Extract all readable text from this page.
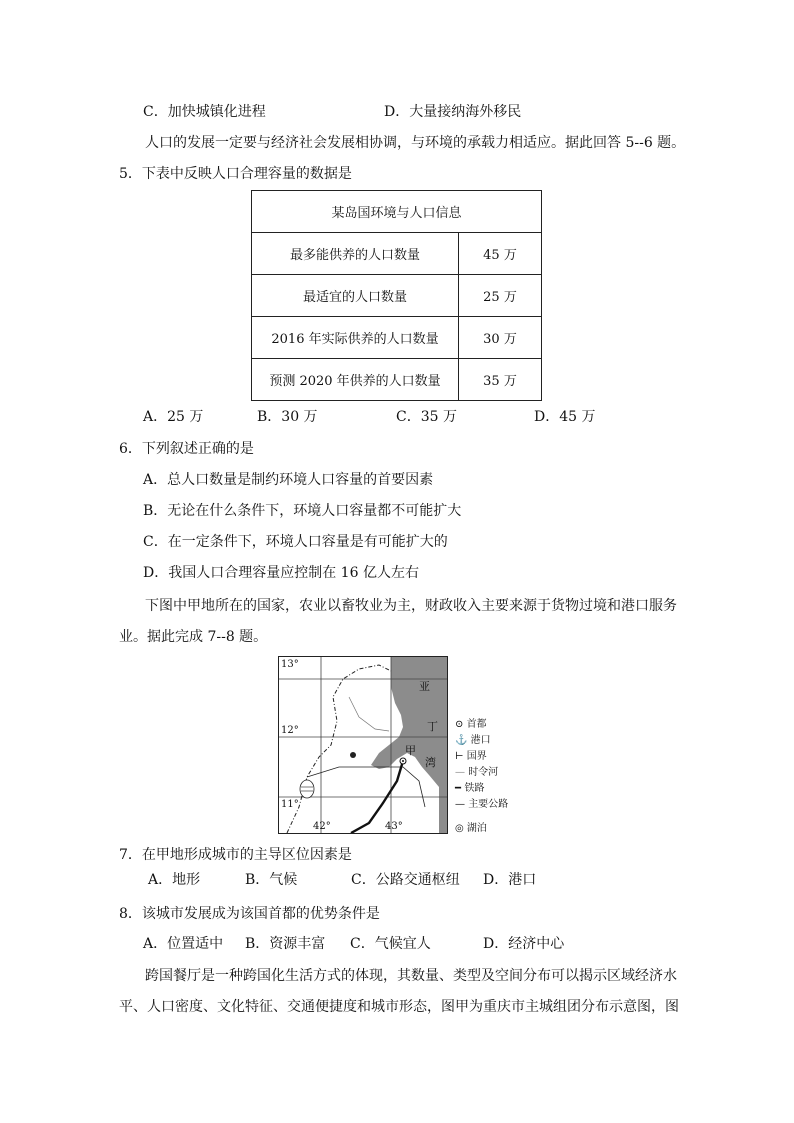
C．加快城镇化进程	D．大量接纳海外移民
人口的发展一定要与经济社会发展相协调，与环境的承载力相适应。据此回答 5--6 题。
5．下表中反映人口合理容量的数据是
某岛国环境与人口信息	
最多能供养的人口数量	45 万
最适宜的人口数量	25 万
2016 年实际供养的人口数量	30 万
预测 2020 年供养的人口数量	35 万
A．25 万	B．30 万	C．35 万	D．45 万
6．下列叙述正确的是
A．总人口数量是制约环境人口容量的首要因素
B．无论在什么条件下，环境人口容量都不可能扩大
C．在一定条件下，环境人口容量是有可能扩大的
D．我国人口合理容量应控制在 16 亿人左右
下图中甲地所在的国家，农业以畜牧业为主，财政收入主要来源于货物过境和港口服务
业。据此完成 7--8 题。
13°
12°
11°
42°	43°
亚
丁
湾
甲
⊙ 首都
⚓ 港口
⊢ 国界
— 时令河
━ 铁路
— 主要公路
◎ 湖泊
7．在甲地形成城市的主导区位因素是
A．地形	B．气候	C．公路交通枢纽 D．港口
8．该城市发展成为该国首都的优势条件是
A．位置适中 B．资源丰富 C．气候宜人	D．经济中心
跨国餐厅是一种跨国化生活方式的体现，其数量、类型及空间分布可以揭示区域经济水
平、人口密度、文化特征、交通便捷度和城市形态，图甲为重庆市主城组团分布示意图，图
